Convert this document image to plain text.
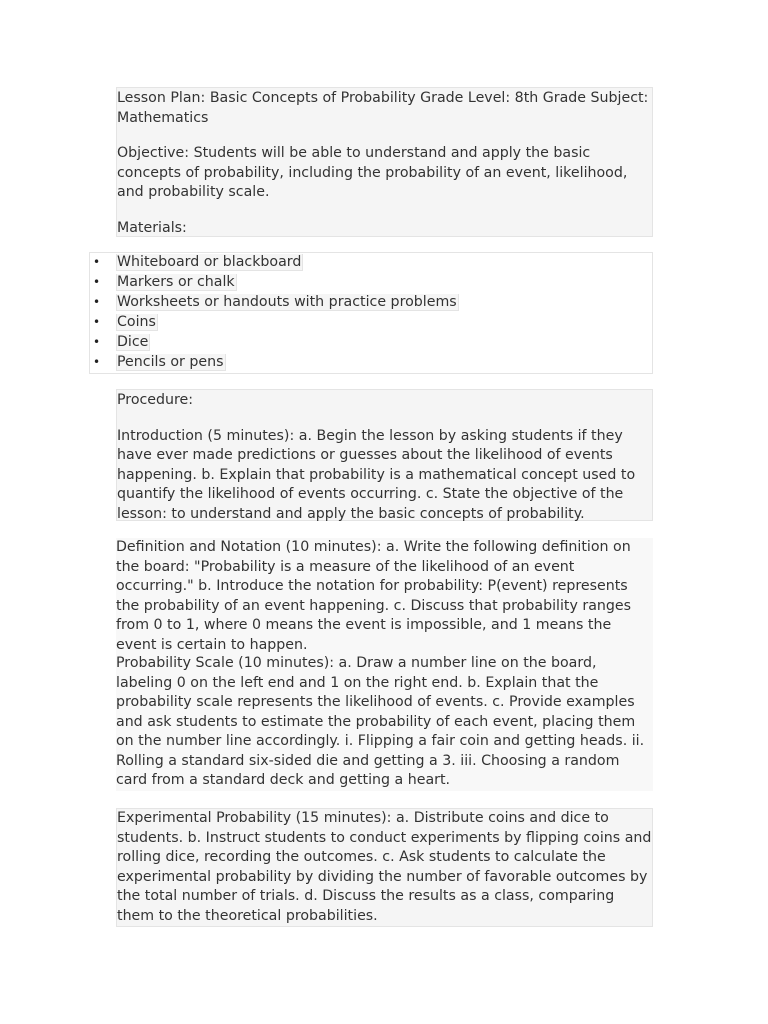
Lesson Plan: Basic Concepts of Probability Grade Level: 8th Grade Subject: Mathematics

Objective: Students will be able to understand and apply the basic concepts of probability, including the probability of an event, likelihood, and probability scale.

Materials:

• Whiteboard or blackboard
• Markers or chalk
• Worksheets or handouts with practice problems
• Coins
• Dice
• Pencils or pens

Procedure:

Introduction (5 minutes): a. Begin the lesson by asking students if they have ever made predictions or guesses about the likelihood of events happening. b. Explain that probability is a mathematical concept used to quantify the likelihood of events occurring. c. State the objective of the lesson: to understand and apply the basic concepts of probability.

Definition and Notation (10 minutes): a. Write the following definition on the board: "Probability is a measure of the likelihood of an event occurring." b. Introduce the notation for probability: P(event) represents the probability of an event happening. c. Discuss that probability ranges from 0 to 1, where 0 means the event is impossible, and 1 means the event is certain to happen.

Probability Scale (10 minutes): a. Draw a number line on the board, labeling 0 on the left end and 1 on the right end. b. Explain that the probability scale represents the likelihood of events. c. Provide examples and ask students to estimate the probability of each event, placing them on the number line accordingly. i. Flipping a fair coin and getting heads. ii. Rolling a standard six-sided die and getting a 3. iii. Choosing a random card from a standard deck and getting a heart.

Experimental Probability (15 minutes): a. Distribute coins and dice to students. b. Instruct students to conduct experiments by flipping coins and rolling dice, recording the outcomes. c. Ask students to calculate the experimental probability by dividing the number of favorable outcomes by the total number of trials. d. Discuss the results as a class, comparing them to the theoretical probabilities.
